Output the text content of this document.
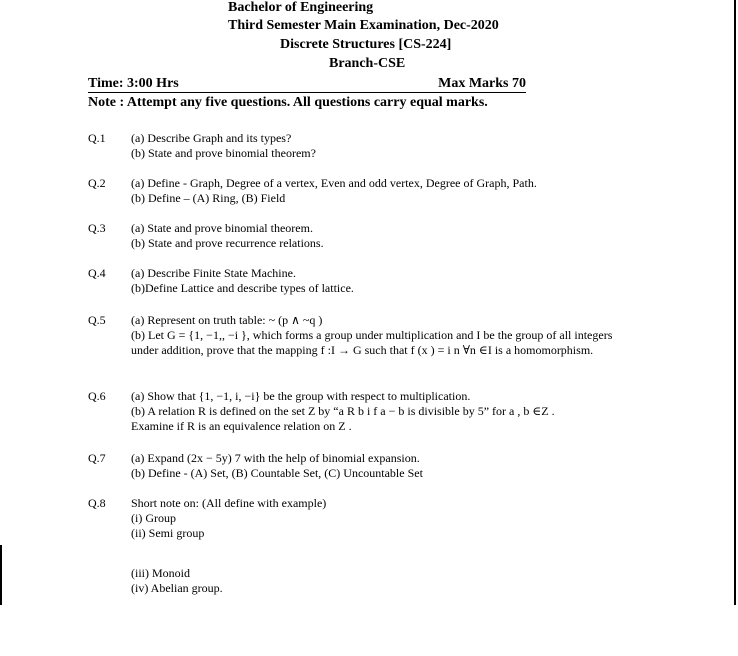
Bachelor of Engineering
Third Semester Main Examination, Dec-2020
Discrete Structures [CS-224]
Branch-CSE
Time: 3:00 Hrs	Max Marks 70
Note : Attempt any five questions. All questions carry equal marks.
Q.1 (a) Describe Graph and its types?
(b) State and prove binomial theorem?
Q.2 (a) Define - Graph, Degree of a vertex, Even and odd vertex, Degree of Graph, Path.
(b) Define – (A) Ring, (B) Field
Q.3 (a) State and prove binomial theorem.
(b) State and prove recurrence relations.
Q.4 (a) Describe Finite State Machine.
(b)Define Lattice and describe types of lattice.
Q.5 (a) Represent on truth table: ~ (p ∧ ~q )
(b) Let G = {1, −1,, −i }, which forms a group under multiplication and I be the group of all integers under addition, prove that the mapping f :I → G such that f (x ) = i n ∀n ∈I is a homomorphism.
Q.6 (a) Show that {1, −1, i, −i} be the group with respect to multiplication.
(b) A relation R is defined on the set Z by “a R b i f a − b is divisible by 5” for a , b ∈Z .
Examine if R is an equivalence relation on Z .
Q.7 (a) Expand (2x − 5y) 7 with the help of binomial expansion.
(b) Define - (A) Set, (B) Countable Set, (C) Uncountable Set
Q.8 Short note on: (All define with example)
(i) Group
(ii) Semi group
(iii) Monoid
(iv) Abelian group.
